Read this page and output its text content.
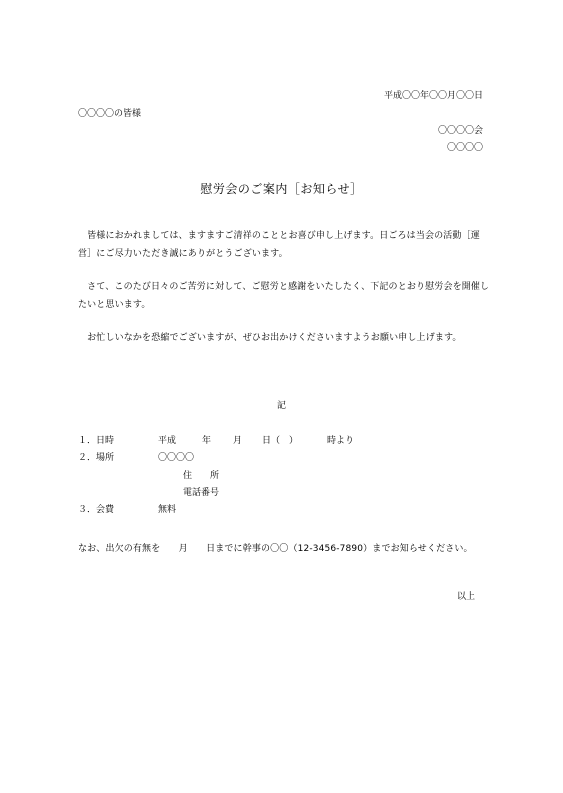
平成〇〇年〇〇月〇〇日
〇〇〇〇の皆様
〇〇〇〇会
〇〇〇〇
慰労会のご案内［お知らせ］
　皆様におかれましては、ますますご清祥のこととお喜び申し上げます。日ごろは当会の活動［運営］にご尽力いただき誠にありがとうございます。
　さて、このたび日々のご苦労に対して、ご慰労と感謝をいたしたく、下記のとおり慰労会を開催したいと思います。
　お忙しいなかを恐縮でございますが、ぜひお出かけくださいますようお願い申し上げます。
記
１．日時	平成	年 月 日（　）	時より
２．場所	〇〇〇〇
住　　所
電話番号
３．会費	無料
なお、出欠の有無を　　月　　日までに幹事の〇〇（12-3456-7890）までお知らせください。
以上
